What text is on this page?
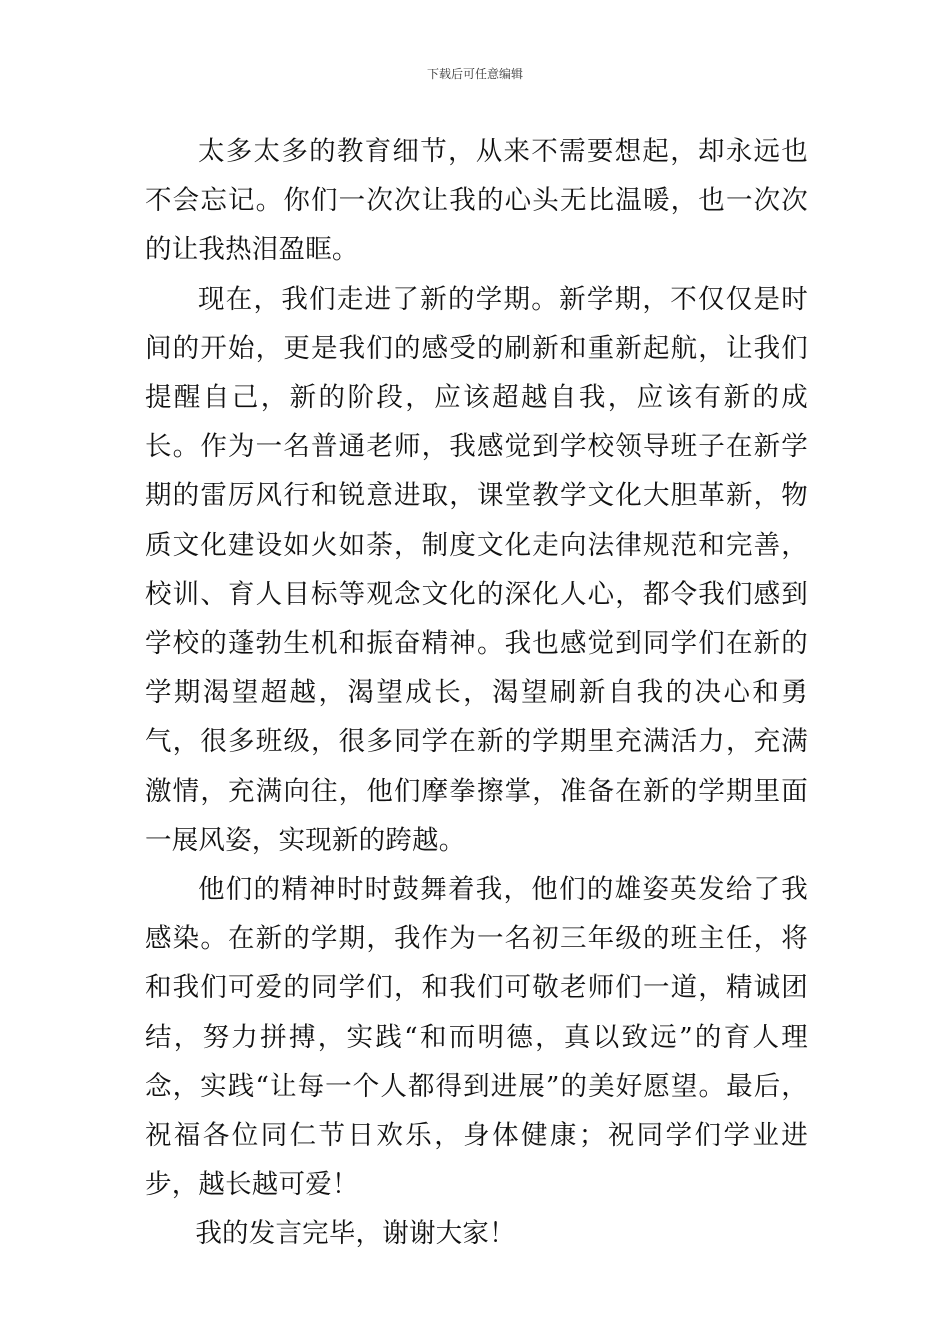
下载后可任意编辑

太多太多的教育细节，从来不需要想起，却永远也不会忘记。你们一次次让我的心头无比温暖，也一次次的让我热泪盈眶。

现在，我们走进了新的学期。新学期，不仅仅是时间的开始，更是我们的感受的刷新和重新起航，让我们提醒自己，新的阶段，应该超越自我，应该有新的成长。作为一名普通老师，我感觉到学校领导班子在新学期的雷厉风行和锐意进取，课堂教学文化大胆革新，物质文化建设如火如荼，制度文化走向法律规范和完善，校训、育人目标等观念文化的深化人心，都令我们感到学校的蓬勃生机和振奋精神。我也感觉到同学们在新的学期渴望超越，渴望成长，渴望刷新自我的决心和勇气，很多班级，很多同学在新的学期里充满活力，充满激情，充满向往，他们摩拳擦掌，准备在新的学期里面一展风姿，实现新的跨越。

他们的精神时时鼓舞着我，他们的雄姿英发给了我感染。在新的学期，我作为一名初三年级的班主任，将和我们可爱的同学们，和我们可敬老师们一道，精诚团结，努力拼搏，实践“和而明德，真以致远”的育人理念，实践“让每一个人都得到进展”的美好愿望。最后，祝福各位同仁节日欢乐，身体健康；祝同学们学业进步，越长越可爱！

我的发言完毕，谢谢大家！
